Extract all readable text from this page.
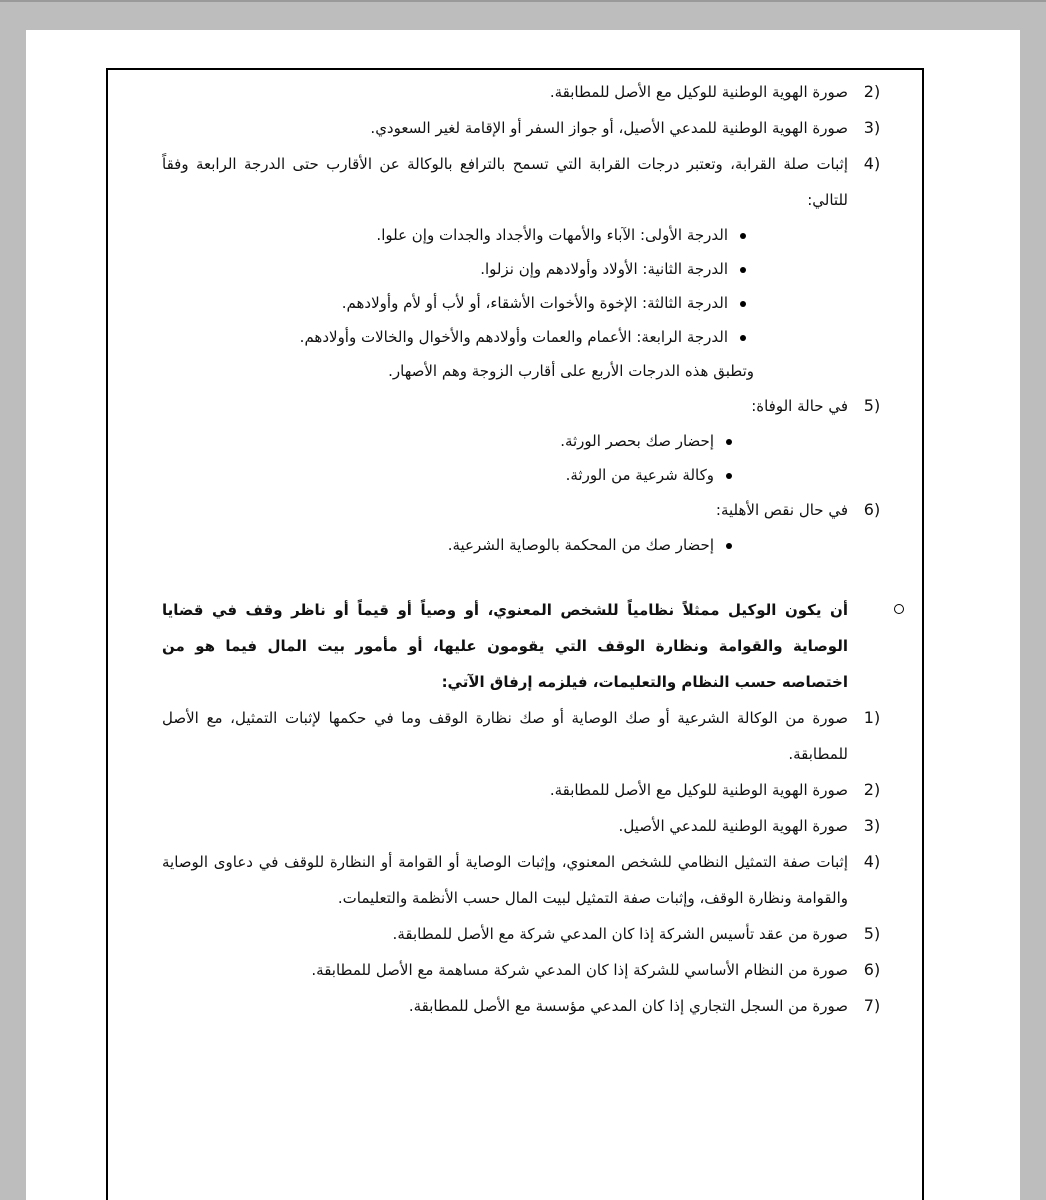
2)
صورة الهوية الوطنية للوكيل مع الأصل للمطابقة.
3)
صورة الهوية الوطنية للمدعي الأصيل، أو جواز السفر أو الإقامة لغير السعودي.
4)
إثبات صلة القرابة، وتعتبر درجات القرابة التي تسمح بالترافع بالوكالة عن الأقارب حتى الدرجة الرابعة وفقاً للتالي:
الدرجة الأولى: الآباء والأمهات والأجداد والجدات وإن علوا.
الدرجة الثانية: الأولاد وأولادهم وإن نزلوا.
الدرجة الثالثة: الإخوة والأخوات الأشقاء، أو لأب أو لأم وأولادهم.
الدرجة الرابعة: الأعمام والعمات وأولادهم والأخوال والخالات وأولادهم.
وتطبق هذه الدرجات الأربع على أقارب الزوجة وهم الأصهار.
5)
في حالة الوفاة:
إحضار صك بحصر الورثة.
وكالة شرعية من الورثة.
6)
في حال نقص الأهلية:
إحضار صك من المحكمة بالوصاية الشرعية.
أن يكون الوكيل ممثلاً نظامياً للشخص المعنوي، أو وصياً أو قيماً أو ناظر وقف في قضايا الوصاية والقوامة ونظارة الوقف التي يقومون عليها، أو مأمور بيت المال فيما هو من اختصاصه حسب النظام والتعليمات، فيلزمه إرفاق الآتي:
1)
صورة من الوكالة الشرعية أو صك الوصاية أو صك نظارة الوقف وما في حكمها لإثبات التمثيل، مع الأصل للمطابقة.
2)
صورة الهوية الوطنية للوكيل مع الأصل للمطابقة.
3)
صورة الهوية الوطنية للمدعي الأصيل.
4)
إثبات صفة التمثيل النظامي للشخص المعنوي، وإثبات الوصاية أو القوامة أو النظارة للوقف في دعاوى الوصاية والقوامة ونظارة الوقف، وإثبات صفة التمثيل لبيت المال حسب الأنظمة والتعليمات.
5)
صورة من عقد تأسيس الشركة إذا كان المدعي شركة مع الأصل للمطابقة.
6)
صورة من النظام الأساسي للشركة إذا كان المدعي شركة مساهمة مع الأصل للمطابقة.
7)
صورة من السجل التجاري إذا كان المدعي مؤسسة مع الأصل للمطابقة.
